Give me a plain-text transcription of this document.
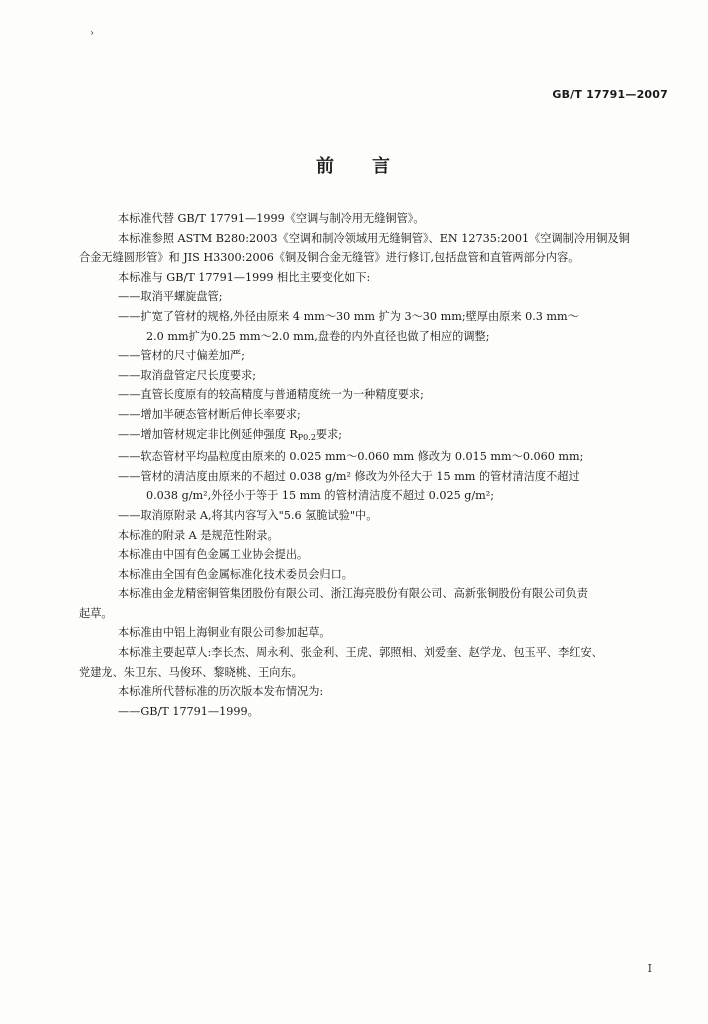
›
GB/T 17791—2007
前言

本标准代替 GB/T 17791—1999《空调与制冷用无缝铜管》。

本标准参照 ASTM B280:2003《空调和制冷领域用无缝铜管》、EN 12735:2001《空调制冷用铜及铜

合金无缝圆形管》和 JIS H3300:2006《铜及铜合金无缝管》进行修订,包括盘管和直管两部分内容。

本标准与 GB/T 17791—1999 相比主要变化如下:

——取消平螺旋盘管;

——扩宽了管材的规格,外径由原来 4 mm～30 mm 扩为 3～30 mm;壁厚由原来 0.3 mm～

2.0 mm扩为0.25 mm～2.0 mm,盘卷的内外直径也做了相应的调整;

——管材的尺寸偏差加严;

——取消盘管定尺长度要求;

——直管长度原有的较高精度与普通精度统一为一种精度要求;

——增加半硬态管材断后伸长率要求;

——增加管材规定非比例延伸强度 $R_{P0.2}$要求;

——软态管材平均晶粒度由原来的 0.025 mm～0.060 mm 修改为 0.015 mm～0.060 mm;

——管材的清洁度由原来的不超过 0.038 g/m² 修改为外径大于 15 mm 的管材清洁度不超过

0.038 g/m²,外径小于等于 15 mm 的管材清洁度不超过 0.025 g/m²;

——取消原附录 A,将其内容写入"5.6 氢脆试验"中。

本标准的附录 A 是规范性附录。

本标准由中国有色金属工业协会提出。

本标准由全国有色金属标准化技术委员会归口。

本标准由金龙精密铜管集团股份有限公司、浙江海亮股份有限公司、高新张铜股份有限公司负责

起草。

本标准由中铝上海铜业有限公司参加起草。

本标准主要起草人:李长杰、周永利、张金利、王虎、郭照相、刘爱奎、赵学龙、包玉平、李红安、

党建龙、朱卫东、马俊环、黎晓桃、王向东。

本标准所代替标准的历次版本发布情况为:

——GB/T 17791—1999。

I
